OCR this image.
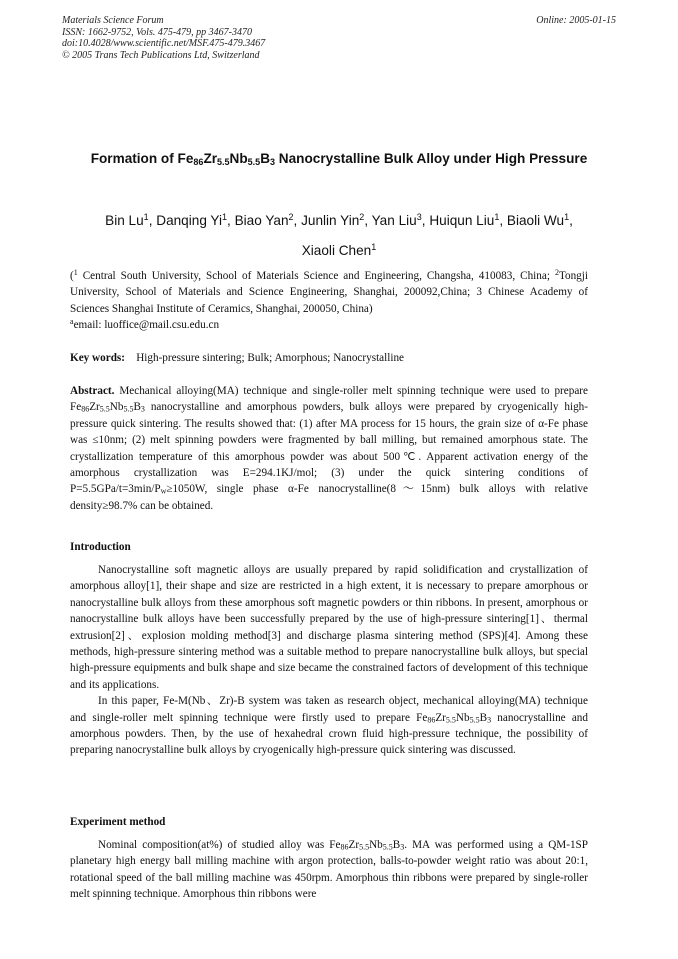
Materials Science Forum
ISSN: 1662-9752, Vols. 475-479, pp 3467-3470
doi:10.4028/www.scientific.net/MSF.475-479.3467
© 2005 Trans Tech Publications Ltd, Switzerland
Online: 2005-01-15
Formation of $Fe_{86}Zr_{5.5}Nb_{5.5}B_3$ Nanocrystalline Bulk Alloy under High Pressure
Bin Lu$^1$, Danqing Yi$^1$, Biao Yan$^2$, Junlin Yin$^2$, Yan Liu$^3$, Huiqun Liu$^1$, Biaoli Wu$^1$,
Xiaoli Chen$^1$

($^1$ Central South University, School of Materials Science and Engineering, Changsha, 410083, China; $^2$Tongji University, School of Materials and Science Engineering, Shanghai, 200092,China; 3 Chinese Academy of Sciences Shanghai Institute of Ceramics, Shanghai, 200050, China)

$^a$email: luoffice@mail.csu.edu.cn

Key words: High-pressure sintering; Bulk; Amorphous; Nanocrystalline

Abstract. Mechanical alloying(MA) technique and single-roller melt spinning technique were used to prepare $Fe_{86}Zr_{5.5}Nb_{5.5}B_3$ nanocrystalline and amorphous powders, bulk alloys were prepared by cryogenically high-pressure quick sintering. The results showed that: (1) after MA process for 15 hours, the grain size of α-Fe phase was ≤10nm; (2) melt spinning powders were fragmented by ball milling, but remained amorphous state. The crystallization temperature of this amorphous powder was about 500℃. Apparent activation energy of the amorphous crystallization was E=294.1KJ/mol; (3) under the quick sintering conditions of $P=5.5GPa/t=3\min/P_w\ge 1050W$, single phase α-Fe nanocrystalline(8～15nm) bulk alloys with relative density≥98.7% can be obtained.

Introduction

Nanocrystalline soft magnetic alloys are usually prepared by rapid solidification and crystallization of amorphous alloy[1], their shape and size are restricted in a high extent, it is necessary to prepare amorphous or nanocrystalline bulk alloys from these amorphous soft magnetic powders or thin ribbons. In present, amorphous or nanocrystalline bulk alloys have been successfully prepared by the use of high-pressure sintering[1]、thermal extrusion[2]、explosion molding method[3] and discharge plasma sintering method (SPS)[4]. Among these methods, high-pressure sintering method was a suitable method to prepare nanocrystalline bulk alloys, but special high-pressure equipments and bulk shape and size became the constrained factors of development of this technique and its applications.

In this paper, Fe-M(Nb、Zr)-B system was taken as research object, mechanical alloying(MA) technique and single-roller melt spinning technique were firstly used to prepare $Fe_{86}Zr_{5.5}Nb_{5.5}B_3$ nanocrystalline and amorphous powders. Then, by the use of hexahedral crown fluid high-pressure technique, the possibility of preparing nanocrystalline bulk alloys by cryogenically high-pressure quick sintering was discussed.

Experiment method

Nominal composition(at%) of studied alloy was $Fe_{86}Zr_{5.5}Nb_{5.5}B_3$. MA was performed using a QM-1SP planetary high energy ball milling machine with argon protection, balls-to-powder weight ratio was about 20:1, rotational speed of the ball milling machine was 450rpm. Amorphous thin ribbons were prepared by single-roller melt spinning technique. Amorphous thin ribbons were
